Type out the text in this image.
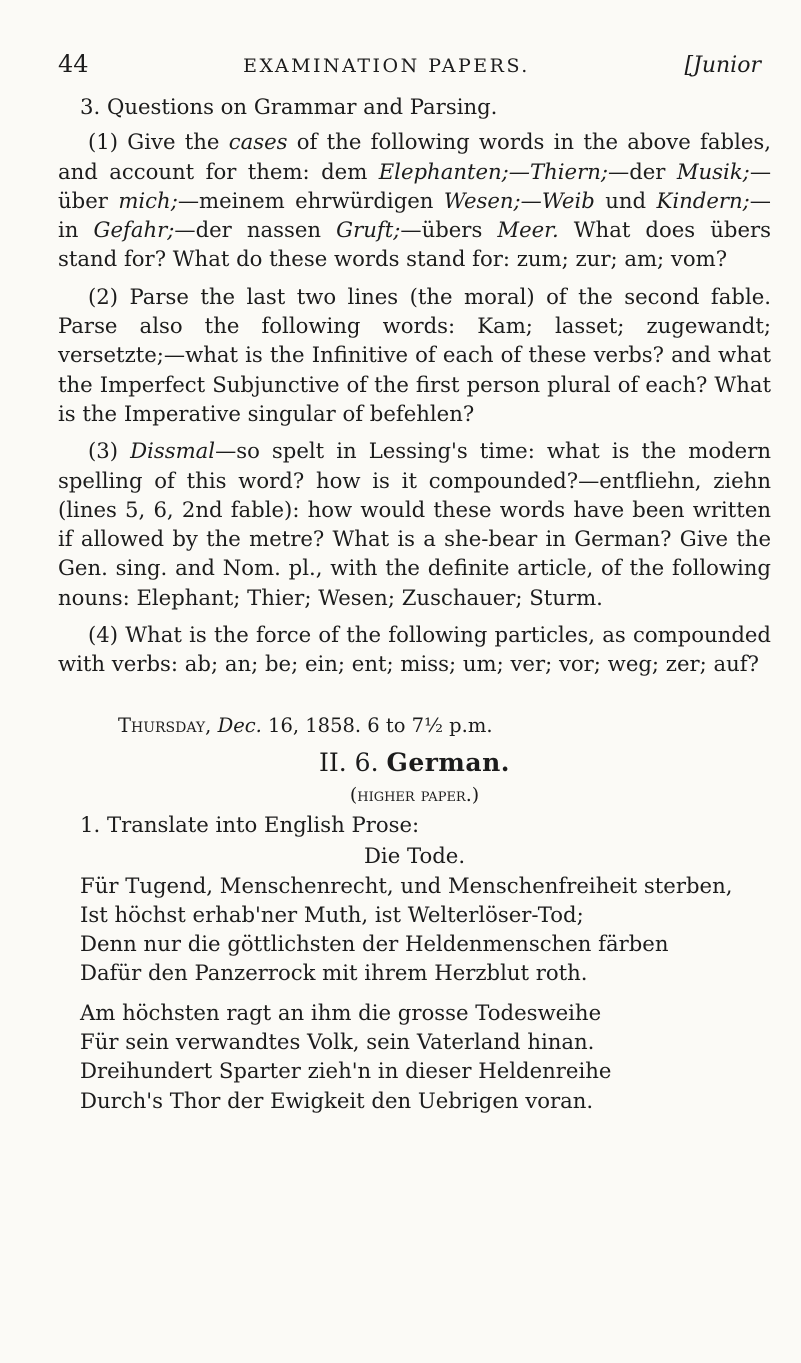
44	EXAMINATION PAPERS.	[Junior

3. Questions on Grammar and Parsing.

(1) Give the cases of the following words in the above fables, and account for them: dem Elephanten;—Thiern;—der Musik;—über mich;—meinem ehrwürdigen Wesen;—Weib und Kindern;—in Gefahr;—der nassen Gruft;—übers Meer. What does übers stand for? What do these words stand for: zum; zur; am; vom?

(2) Parse the last two lines (the moral) of the second fable. Parse also the following words: Kam; lasset; zugewandt; versetzte;—what is the Infinitive of each of these verbs? and what the Imperfect Subjunctive of the first person plural of each? What is the Imperative singular of befehlen?

(3) Dissmal—so spelt in Lessing's time: what is the modern spelling of this word? how is it compounded?—entfliehn, ziehn (lines 5, 6, 2nd fable): how would these words have been written if allowed by the metre? What is a she-bear in German? Give the Gen. sing. and Nom. pl., with the definite article, of the following nouns: Elephant; Thier; Wesen; Zuschauer; Sturm.

(4) What is the force of the following particles, as compounded with verbs: ab; an; be; ein; ent; miss; um; ver; vor; weg; zer; auf?

Thursday, Dec. 16, 1858. 6 to 7½ p.m.

II. 6. German.

(higher paper.)

1. Translate into English Prose:

Die Tode.

Für Tugend, Menschenrecht, und Menschenfreiheit sterben,

Ist höchst erhab'ner Muth, ist Welterlöser-Tod;

Denn nur die göttlichsten der Heldenmenschen färben

Dafür den Panzerrock mit ihrem Herzblut roth.

Am höchsten ragt an ihm die grosse Todesweihe

Für sein verwandtes Volk, sein Vaterland hinan.

Dreihundert Sparter zieh'n in dieser Heldenreihe

Durch's Thor der Ewigkeit den Uebrigen voran.
